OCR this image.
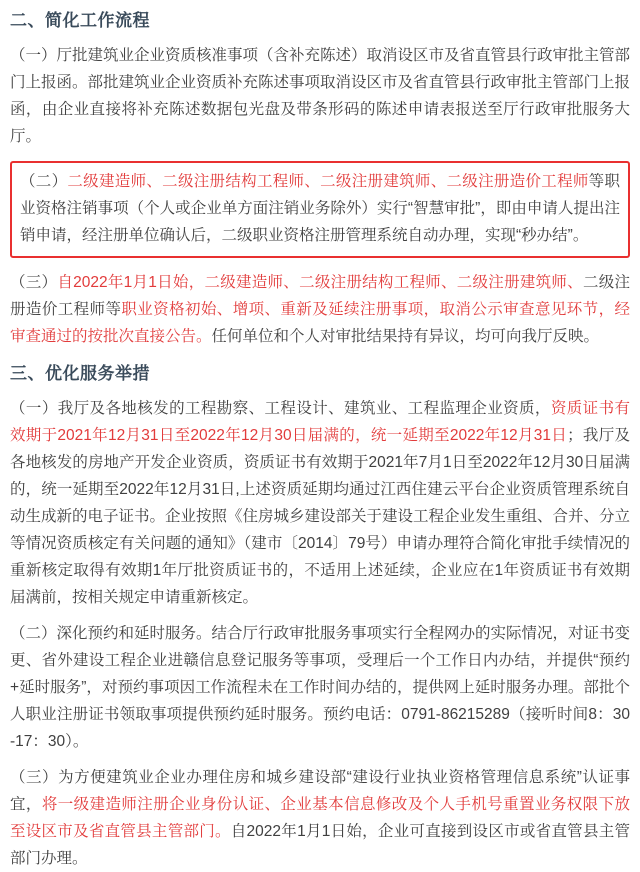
二、简化工作流程

（一）厅批建筑业企业资质核准事项（含补充陈述）取消设区市及省直管县行政审批主管部门上报函。部批建筑业企业资质补充陈述事项取消设区市及省直管县行政审批主管部门上报函，由企业直接将补充陈述数据包光盘及带条形码的陈述申请表报送至厅行政审批服务大厅。

（二）二级建造师、二级注册结构工程师、二级注册建筑师、二级注册造价工程师等职业资格注销事项（个人或企业单方面注销业务除外）实行“智慧审批”，即由申请人提出注销申请，经注册单位确认后，二级职业资格注册管理系统自动办理，实现“秒办结”。

（三）自2022年1月1日始，二级建造师、二级注册结构工程师、二级注册建筑师、二级注册造价工程师等职业资格初始、增项、重新及延续注册事项，取消公示审查意见环节，经审查通过的按批次直接公告。任何单位和个人对审批结果持有异议，均可向我厅反映。

三、优化服务举措

（一）我厅及各地核发的工程勘察、工程设计、建筑业、工程监理企业资质，资质证书有效期于2021年12月31日至2022年12月30日届满的，统一延期至2022年12月31日；我厅及各地核发的房地产开发企业资质，资质证书有效期于2021年7月1日至2022年12月30日届满的，统一延期至2022年12月31日,上述资质延期均通过江西住建云平台企业资质管理系统自动生成新的电子证书。企业按照《住房城乡建设部关于建设工程企业发生重组、合并、分立等情况资质核定有关问题的通知》（建市〔2014〕79号）申请办理符合简化审批手续情况的重新核定取得有效期1年厅批资质证书的，不适用上述延续，企业应在1年资质证书有效期届满前，按相关规定申请重新核定。

（二）深化预约和延时服务。结合厅行政审批服务事项实行全程网办的实际情况，对证书变更、省外建设工程企业进赣信息登记服务等事项，受理后一个工作日内办结，并提供“预约+延时服务”，对预约事项因工作流程未在工作时间办结的，提供网上延时服务办理。部批个人职业注册证书领取事项提供预约延时服务。预约电话：0791-86215289（接听时间8：30-17：30）。

（三）为方便建筑业企业办理住房和城乡建设部“建设行业执业资格管理信息系统”认证事宜，将一级建造师注册企业身份认证、企业基本信息修改及个人手机号重置业务权限下放至设区市及省直管县主管部门。自2022年1月1日始，企业可直接到设区市或省直管县主管部门办理。
